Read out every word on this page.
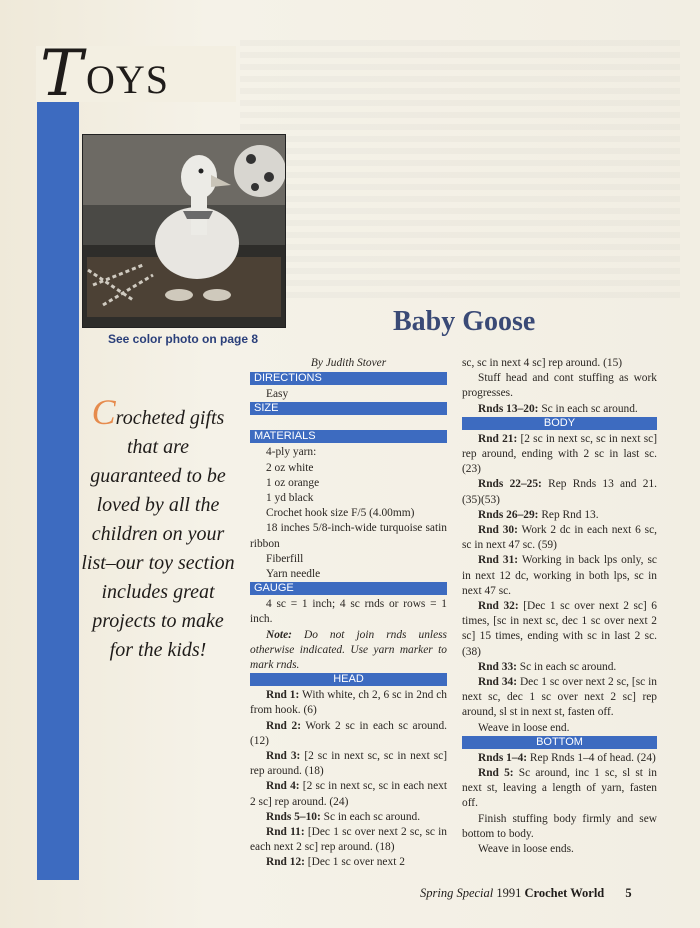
T OYS
See color photo on page 8
Baby Goose
Crocheted gifts that are guaranteed to be loved by all the children on your list–our toy section includes great projects to make for the kids!
By Judith Stover
DIRECTIONS
Easy
SIZE
MATERIALS
4-ply yarn:
2 oz white
1 oz orange
1 yd black
Crochet hook size F/5 (4.00mm)
18 inches 5/8-inch-wide turquoise satin ribbon
Fiberfill
Yarn needle
GAUGE
4 sc = 1 inch; 4 sc rnds or rows = 1 inch.
Note: Do not join rnds unless otherwise indicated. Use yarn marker to mark rnds.
HEAD
Rnd 1: With white, ch 2, 6 sc in 2nd ch from hook. (6)
Rnd 2: Work 2 sc in each sc around. (12)
Rnd 3: [2 sc in next sc, sc in next sc] rep around. (18)
Rnd 4: [2 sc in next sc, sc in each next 2 sc] rep around. (24)
Rnds 5–10: Sc in each sc around.
Rnd 11: [Dec 1 sc over next 2 sc, sc in each next 2 sc] rep around. (18)
Rnd 12: [Dec 1 sc over next 2
sc, sc in next 4 sc] rep around. (15)
Stuff head and cont stuffing as work progresses.
Rnds 13–20: Sc in each sc around.
BODY
Rnd 21: [2 sc in next sc, sc in next sc] rep around, ending with 2 sc in last sc. (23)
Rnds 22–25: Rep Rnds 13 and 21. (35)(53)
Rnds 26–29: Rep Rnd 13.
Rnd 30: Work 2 dc in each next 6 sc, sc in next 47 sc. (59)
Rnd 31: Working in back lps only, sc in next 12 dc, working in both lps, sc in next 47 sc.
Rnd 32: [Dec 1 sc over next 2 sc] 6 times, [sc in next sc, dec 1 sc over next 2 sc] 15 times, ending with sc in last 2 sc. (38)
Rnd 33: Sc in each sc around.
Rnd 34: Dec 1 sc over next 2 sc, [sc in next sc, dec 1 sc over next 2 sc] rep around, sl st in next st, fasten off.
Weave in loose end.
BOTTOM
Rnds 1–4: Rep Rnds 1–4 of head. (24)
Rnd 5: Sc around, inc 1 sc, sl st in next st, leaving a length of yarn, fasten off.
Finish stuffing body firmly and sew bottom to body.
Weave in loose ends.
Spring Special 1991 Crochet World 5
